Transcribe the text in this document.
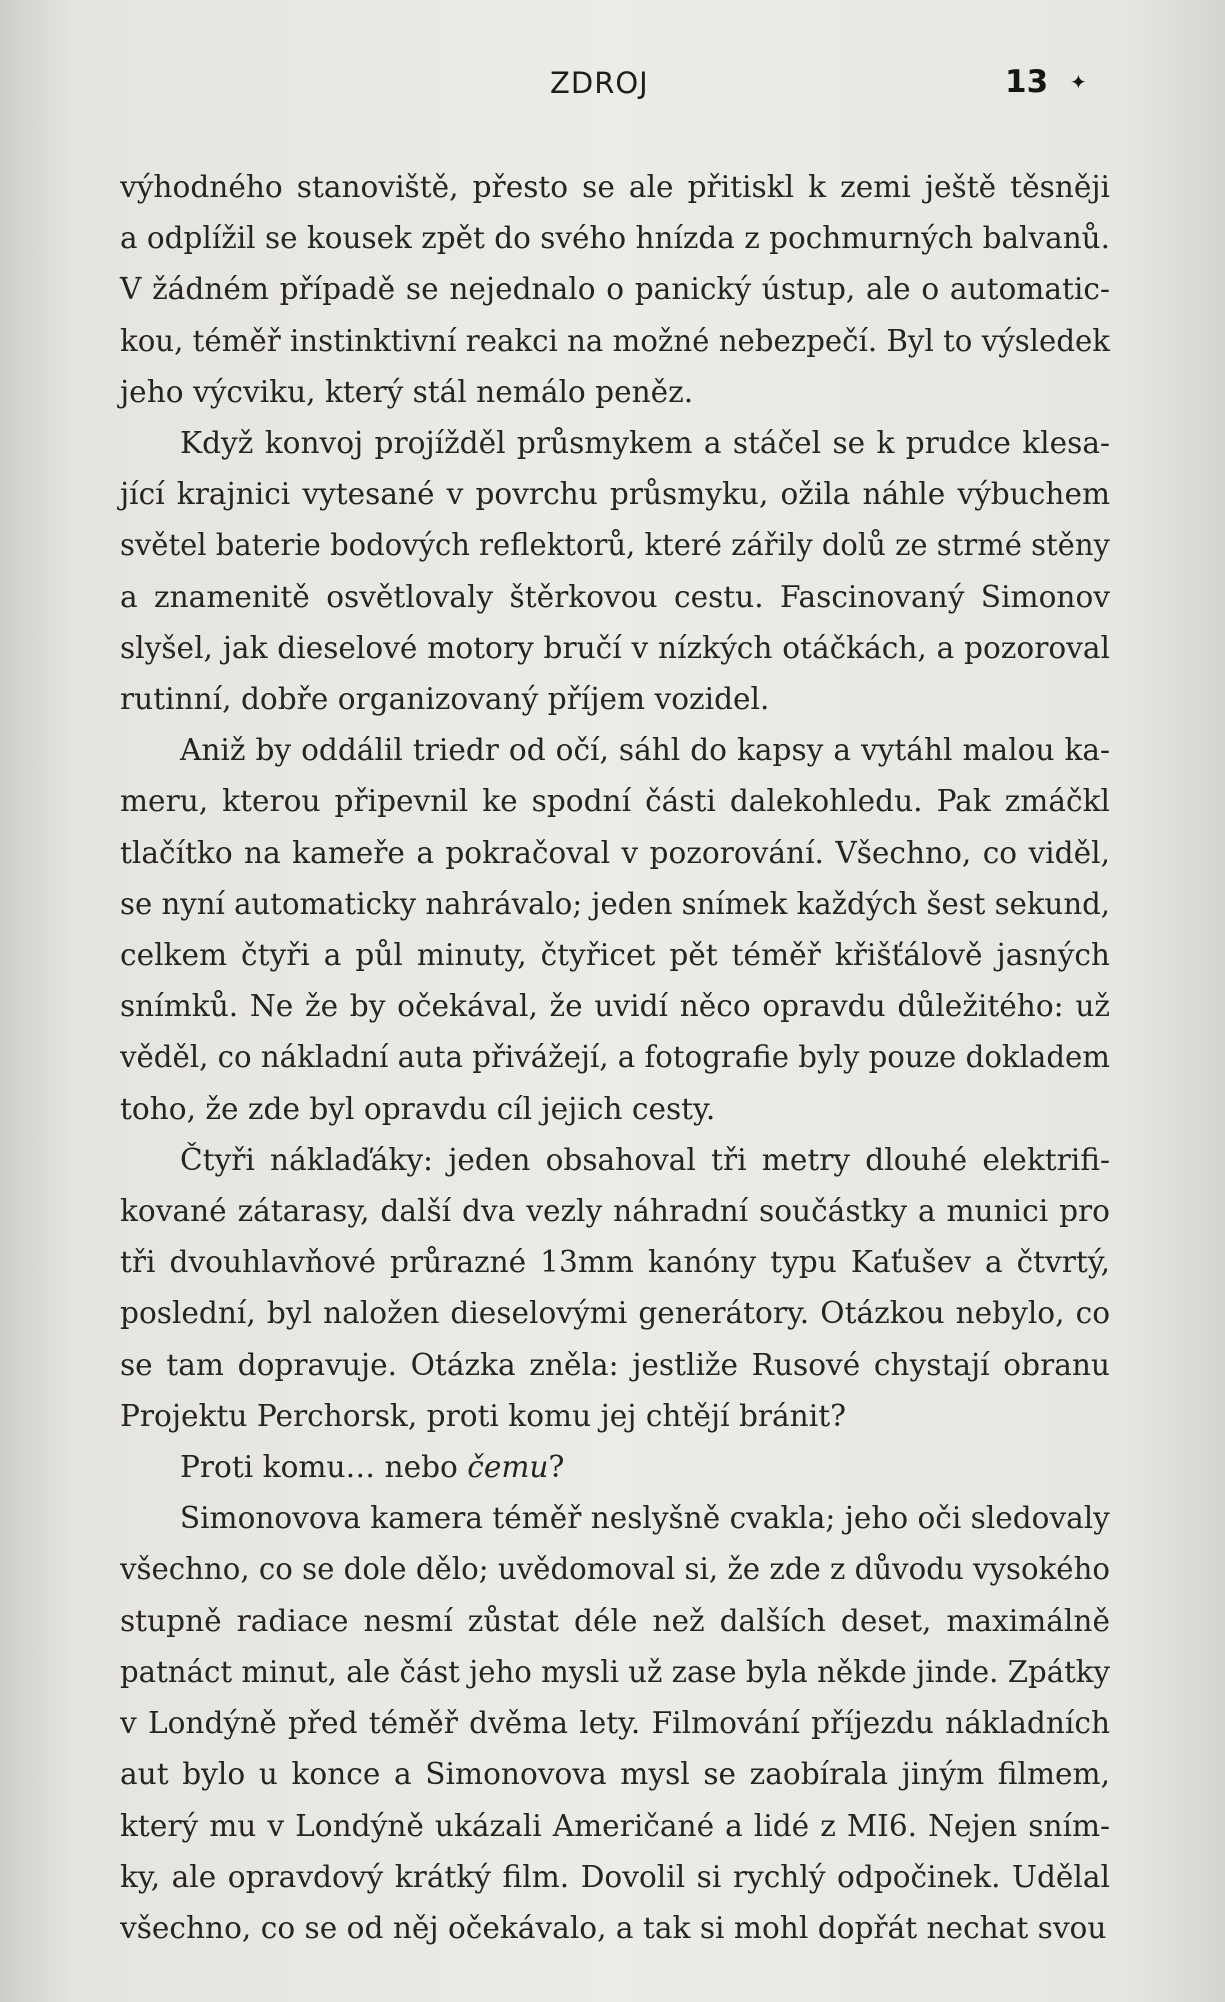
ZDROJ	13 ✦
výhodného stanoviště, přesto se ale přitiskl k zemi ještě těsněji
a odplížil se kousek zpět do svého hnízda z pochmurných balvanů.
V žádném případě se nejednalo o panický ústup, ale o automatic-
kou, téměř instinktivní reakci na možné nebezpečí. Byl to výsledek
jeho výcviku, který stál nemálo peněz.
Když konvoj projížděl průsmykem a stáčel se k prudce klesa-
jící krajnici vytesané v povrchu průsmyku, ožila náhle výbuchem
světel baterie bodových reflektorů, které zářily dolů ze strmé stěny
a znamenitě osvětlovaly štěrkovou cestu. Fascinovaný Simonov
slyšel, jak dieselové motory bručí v nízkých otáčkách, a pozoroval
rutinní, dobře organizovaný příjem vozidel.
Aniž by oddálil triedr od očí, sáhl do kapsy a vytáhl malou ka-
meru, kterou připevnil ke spodní části dalekohledu. Pak zmáčkl
tlačítko na kameře a pokračoval v pozorování. Všechno, co viděl,
se nyní automaticky nahrávalo; jeden snímek každých šest sekund,
celkem čtyři a půl minuty, čtyřicet pět téměř křišťálově jasných
snímků. Ne že by očekával, že uvidí něco opravdu důležitého: už
věděl, co nákladní auta přivážejí, a fotografie byly pouze dokladem
toho, že zde byl opravdu cíl jejich cesty.
Čtyři náklaďáky: jeden obsahoval tři metry dlouhé elektrifi-
kované zátarasy, další dva vezly náhradní součástky a munici pro
tři dvouhlavňové průrazné 13mm kanóny typu Kaťušev a čtvrtý,
poslední, byl naložen dieselovými generátory. Otázkou nebylo, co
se tam dopravuje. Otázka zněla: jestliže Rusové chystají obranu
Projektu Perchorsk, proti komu jej chtějí bránit?
Proti komu… nebo čemu?
Simonovova kamera téměř neslyšně cvakla; jeho oči sledovaly
všechno, co se dole dělo; uvědomoval si, že zde z důvodu vysokého
stupně radiace nesmí zůstat déle než dalších deset, maximálně
patnáct minut, ale část jeho mysli už zase byla někde jinde. Zpátky
v Londýně před téměř dvěma lety. Filmování příjezdu nákladních
aut bylo u konce a Simonovova mysl se zaobírala jiným filmem,
který mu v Londýně ukázali Američané a lidé z MI6. Nejen sním-
ky, ale opravdový krátký film. Dovolil si rychlý odpočinek. Udělal
všechno, co se od něj očekávalo, a tak si mohl dopřát nechat svou
